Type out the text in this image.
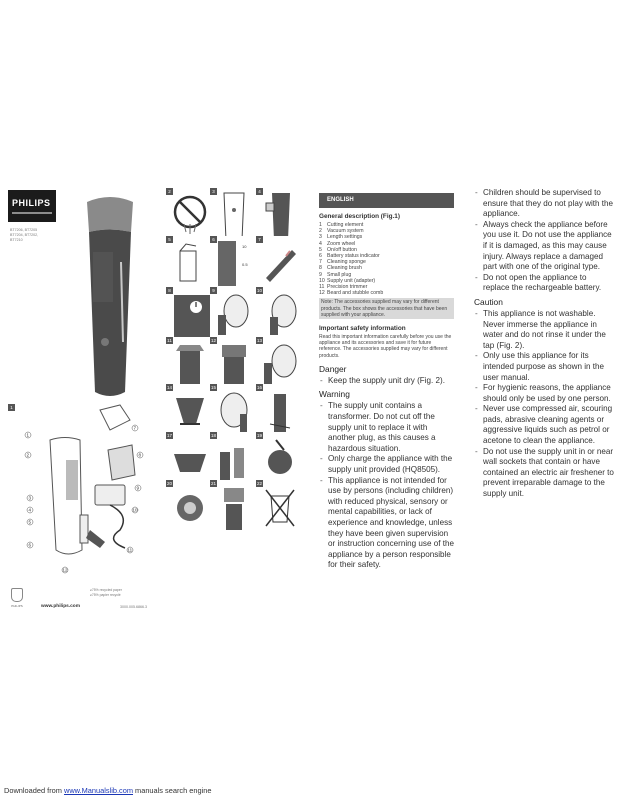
PHILIPS
BT7206, BT7205
BT7204, BT7202,
BT7210
1
1
2
3
4
5
6
7
8
9
10
11
12
PHILIPS	www.philips.com
≥75% recycled paper
≥75% papier recyclé
3000.005.6866.3
2	3	4
5	6
10
0.5
7
8	9	10
11	12	13
14	15	16
17	18	19
20	21	22
ENGLISH
General description (Fig.1)
1 Cutting element
2 Vacuum system
3 Length settings
4 Zoom wheel
5 On/off button
6 Battery status indicator
7 Cleaning sponge
8 Cleaning brush
9 Small plug
10 Supply unit (adapter)
11 Precision trimmer
12 Beard and stubble comb
Note: The accessories supplied may vary for different products. The box shows the accessories that have been supplied with your appliance.
Important safety information

Read this important information carefully before you use the appliance and its accessories and save it for future reference. The accessories supplied may vary for different products.

Danger
- Keep the supply unit dry (Fig. 2).
Warning
- The supply unit contains a transformer. Do not cut off the supply unit to replace it with another plug, as this causes a hazardous situation.
- Only charge the appliance with the supply unit provided (HQ8505).
- This appliance is not intended for use by persons (including children) with reduced physical, sensory or mental capabilities, or lack of experience and knowledge, unless they have been given supervision or instruction concerning use of the appliance by a person responsible for their safety.
- Children should be supervised to ensure that they do not play with the appliance.
- Always check the appliance before you use it. Do not use the appliance if it is damaged, as this may cause injury. Always replace a damaged part with one of the original type.
- Do not open the appliance to replace the rechargeable battery.
Caution
- This appliance is not washable. Never immerse the appliance in water and do not rinse it under the tap (Fig. 2).
- Only use this appliance for its intended purpose as shown in the user manual.
- For hygienic reasons, the appliance should only be used by one person.
- Never use compressed air, scouring pads, abrasive cleaning agents or aggressive liquids such as petrol or acetone to clean the appliance.
- Do not use the supply unit in or near wall sockets that contain or have contained an electric air freshener to prevent irreparable damage to the supply unit.
Downloaded from www.Manualslib.com manuals search engine
